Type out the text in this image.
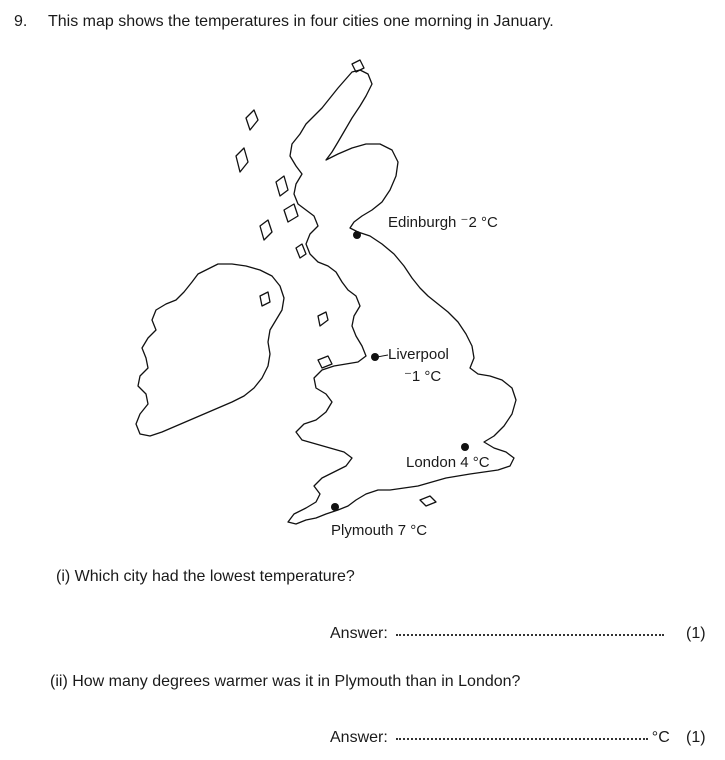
9. This map shows the temperatures in four cities one morning in January.
Edinburgh ⁻2 °C
Liverpool
⁻1 °C
London 4 °C
Plymouth 7 °C
(i) Which city had the lowest temperature?
Answer:	(1)
(ii) How many degrees warmer was it in Plymouth than in London?
Answer:	°C (1)
